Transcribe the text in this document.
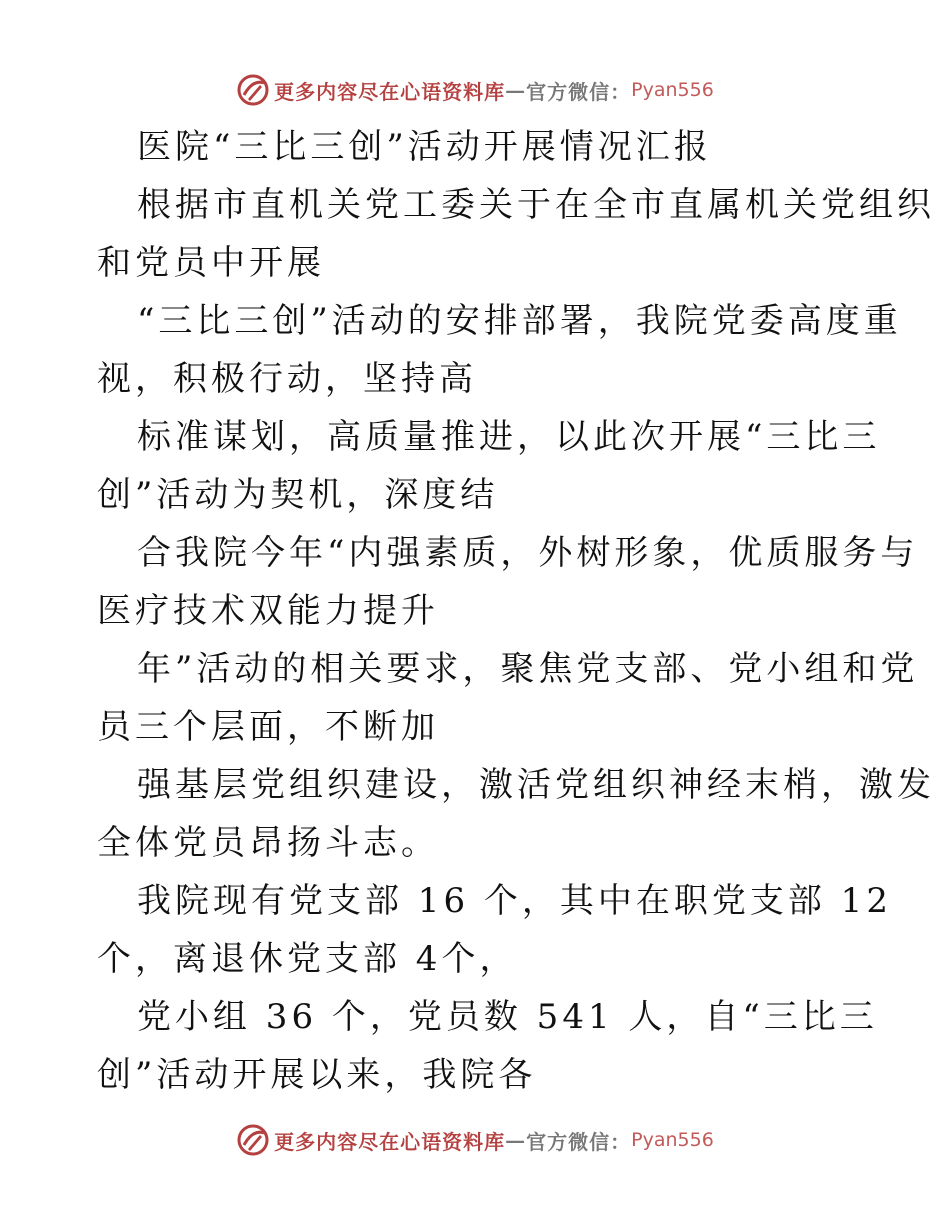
更多内容尽在心语资料库 — 官方微信： Pyan556
医院“三比三创”活动开展情况汇报
根据市直机关党工委关于在全市直属机关党组织
和党员中开展
“三比三创”活动的安排部署，我院党委高度重
视，积极行动，坚持高
标准谋划，高质量推进，以此次开展“三比三
创”活动为契机，深度结
合我院今年“内强素质，外树形象，优质服务与
医疗技术双能力提升
年”活动的相关要求，聚焦党支部、党小组和党
员三个层面，不断加
强基层党组织建设，激活党组织神经末梢，激发
全体党员昂扬斗志。
我院现有党支部 16 个，其中在职党支部 12
个，离退休党支部 4个，
党小组 36 个，党员数 541 人，自“三比三
创”活动开展以来，我院各
更多内容尽在心语资料库 — 官方微信： Pyan556
